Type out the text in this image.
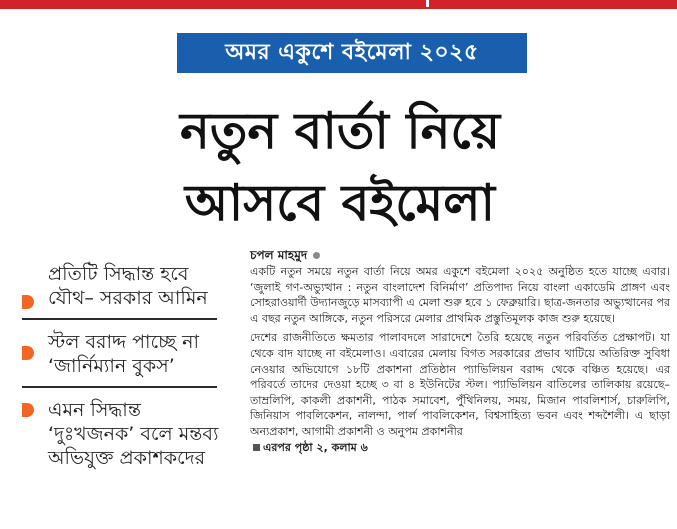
অমর একুশে বইমেলা ২০২৫
নতুন বার্তা নিয়ে
আসবে বইমেলা
প্রতিটি সিদ্ধান্ত হবে যৌথ– সরকার আমিন
স্টল বরাদ্দ পাচ্ছে না ‘জার্নিম্যান বুকস’
এমন সিদ্ধান্ত ‘দুঃখজনক’ বলে মন্তব্য অভিযুক্ত প্রকাশকদের
চপল মাহমুদ

একটি নতুন সময়ে নতুন বার্তা নিয়ে অমর একুশে বইমেলা ২০২৫ অনুষ্ঠিত হতে যাচ্ছে এবার। ‘জুলাই গণ-অভ্যুত্থান : নতুন বাংলাদেশ বিনির্মাণ’ প্রতিপাদ্য নিয়ে বাংলা একাডেমি প্রাঙ্গণ এবং সোহরাওয়ার্দী উদ্যানজুড়ে মাসব্যাপী এ মেলা শুরু হবে ১ ফেব্রুয়ারি। ছাত্র-জনতার অভ্যুত্থানের পর এ বছর নতুন আঙ্গিকে, নতুন পরিসরে মেলার প্রাথমিক প্রস্তুতিমূলক কাজ শুরু হয়েছে।

দেশের রাজনীতিতে ক্ষমতার পালাবদলে সারাদেশে তৈরি হয়েছে নতুন পরিবর্তিত প্রেক্ষাপট। যা থেকে বাদ যাচ্ছে না বইমেলাও। এবারের মেলায় বিগত সরকারের প্রভাব খাটিয়ে অতিরিক্ত সুবিধা নেওয়ার অভিযোগে ১৮টি প্রকাশনা প্রতিষ্ঠান প্যাভিলিয়ন বরাদ্দ থেকে বঞ্চিত হয়েছে। এর পরিবর্তে তাদের দেওয়া হচ্ছে ৩ বা ৪ ইউনিটের স্টল। প্যাভিলিয়ন বাতিলের তালিকায় রয়েছে– তাম্রলিপি, কাকলী প্রকাশনী, পাঠক সমাবেশ, পুঁথিনিলয়, সময়, মিজান পাবলিশার্স, চারুলিপি, জিনিয়াস পাবলিকেশন, নালন্দা, পার্ল পাবলিকেশন, বিশ্বসাহিত্য ভবন এবং শব্দশৈলী। এ ছাড়া অন্যপ্রকাশ, আগামী প্রকাশনী ও অনুপম প্রকাশনীর

এরপর পৃষ্ঠা ২, কলাম ৬
